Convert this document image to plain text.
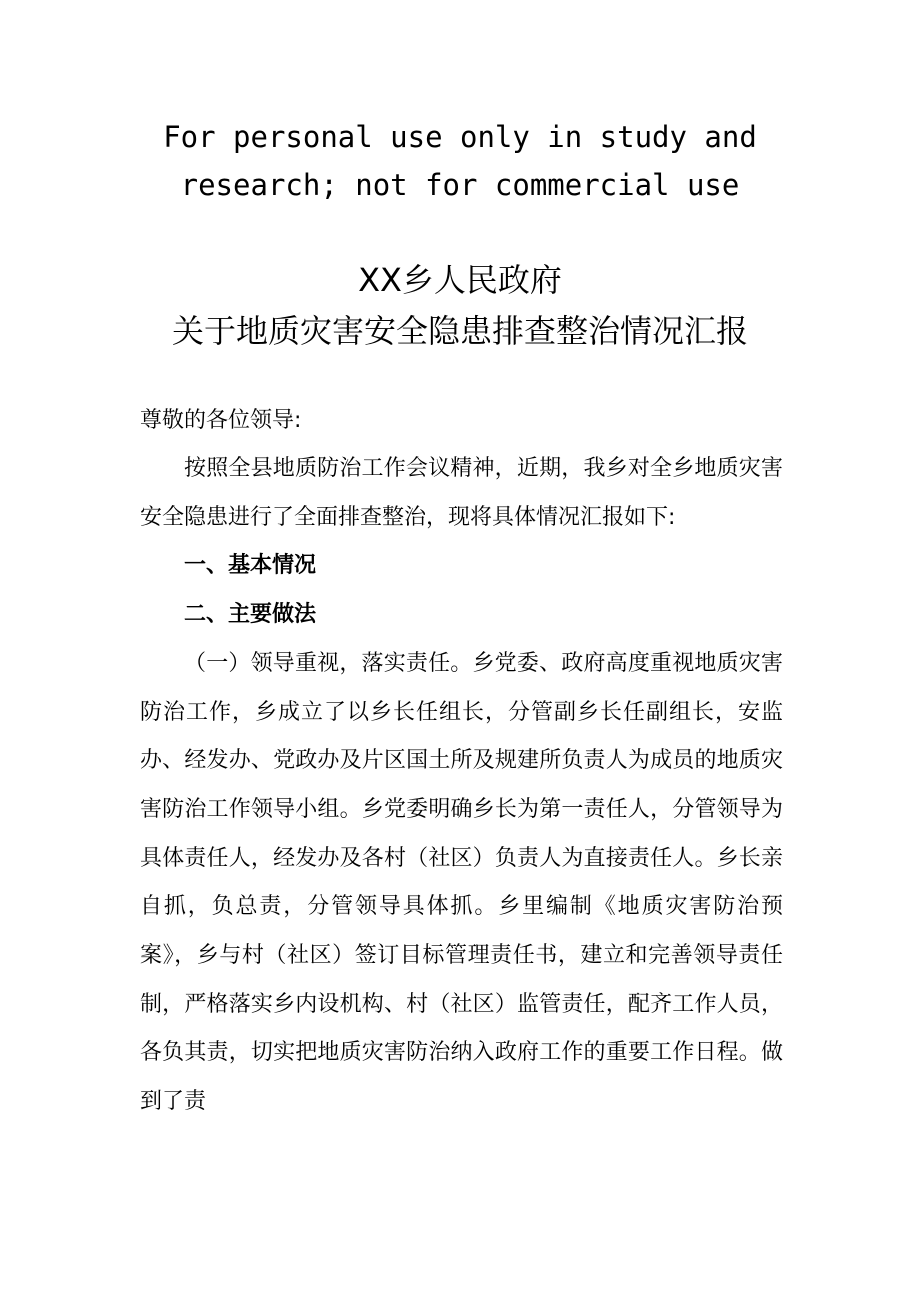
For personal use only in study and
research; not for commercial use
XX乡人民政府
关于地质灾害安全隐患排查整治情况汇报
尊敬的各位领导:

按照全县地质防治工作会议精神，近期，我乡对全乡地质灾害安全隐患进行了全面排查整治，现将具体情况汇报如下:

一、基本情况

二、主要做法

（一）领导重视，落实责任。乡党委、政府高度重视地质灾害防治工作，乡成立了以乡长任组长，分管副乡长任副组长，安监办、经发办、党政办及片区国土所及规建所负责人为成员的地质灾害防治工作领导小组。乡党委明确乡长为第一责任人，分管领导为具体责任人，经发办及各村（社区）负责人为直接责任人。乡长亲自抓，负总责，分管领导具体抓。乡里编制《地质灾害防治预案》，乡与村（社区）签订目标管理责任书，建立和完善领导责任制，严格落实乡内设机构、村（社区）监管责任，配齐工作人员，各负其责，切实把地质灾害防治纳入政府工作的重要工作日程。做到了责
